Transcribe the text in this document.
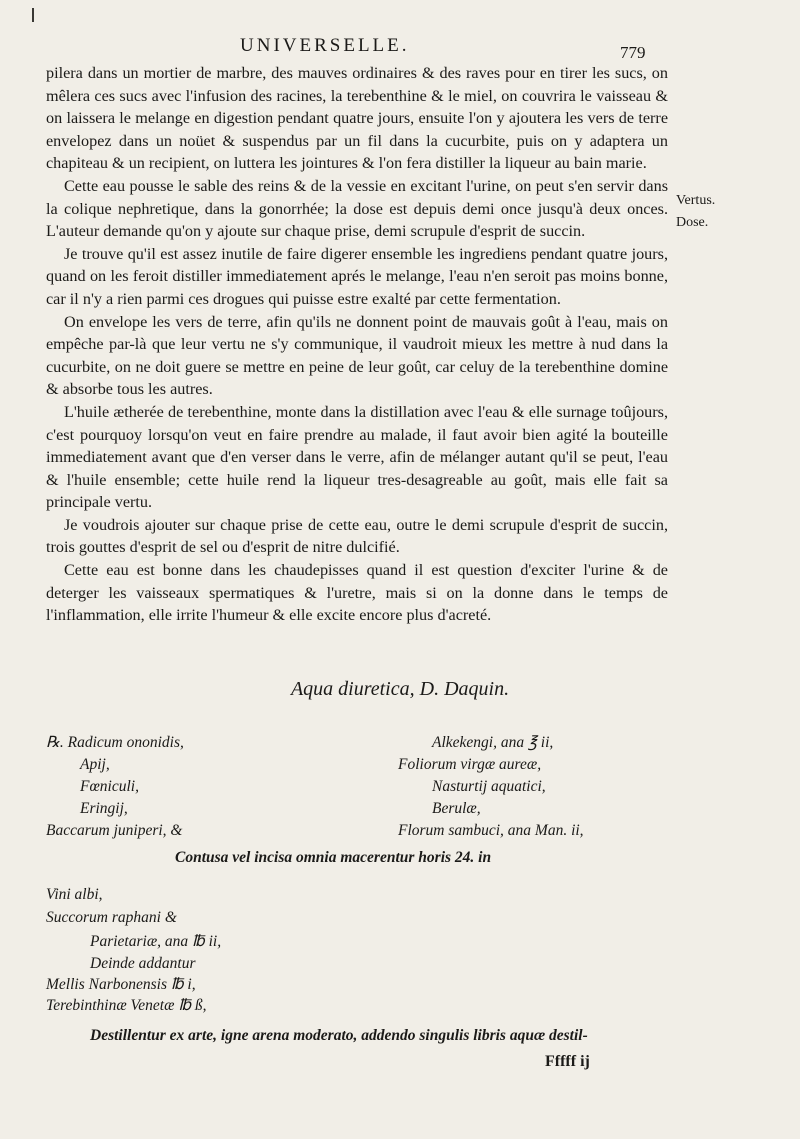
UNIVERSELLE.	779

pilera dans un mortier de marbre, des mauves ordinaires & des raves pour en tirer les sucs, on mêlera ces sucs avec l'infusion des racines, la terebenthine & le miel, on couvrira le vaisseau & on laissera le melange en digestion pendant quatre jours, ensuite l'on y ajoutera les vers de terre envelopez dans un noüet & suspendus par un fil dans la cucurbite, puis on y adaptera un chapiteau & un recipient, on luttera les jointures & l'on fera distiller la liqueur au bain marie.

Cette eau pousse le sable des reins & de la vessie en excitant l'urine, on peut s'en servir dans la colique nephretique, dans la gonorrhée; la dose est depuis demi once jusqu'à deux onces. L'auteur demande qu'on y ajoute sur chaque prise, demi scrupule d'esprit de succin.

Je trouve qu'il est assez inutile de faire digerer ensemble les ingrediens pendant quatre jours, quand on les feroit distiller immediatement aprés le melange, l'eau n'en seroit pas moins bonne, car il n'y a rien parmi ces drogues qui puisse estre exalté par cette fermentation.

On envelope les vers de terre, afin qu'ils ne donnent point de mauvais goût à l'eau, mais on empêche par-là que leur vertu ne s'y communique, il vaudroit mieux les mettre à nud dans la cucurbite, on ne doit guere se mettre en peine de leur goût, car celuy de la terebenthine domine & absorbe tous les autres.

L'huile ætherée de terebenthine, monte dans la distillation avec l'eau & elle surnage toûjours, c'est pourquoy lorsqu'on veut en faire prendre au malade, il faut avoir bien agité la bouteille immediatement avant que d'en verser dans le verre, afin de mélanger autant qu'il se peut, l'eau & l'huile ensemble; cette huile rend la liqueur tres-desagreable au goût, mais elle fait sa principale vertu.

Je voudrois ajouter sur chaque prise de cette eau, outre le demi scrupule d'esprit de succin, trois gouttes d'esprit de sel ou d'esprit de nitre dulcifié.

Cette eau est bonne dans les chaudepisses quand il est question d'exciter l'urine & de deterger les vaisseaux spermatiques & l'uretre, mais si on la donne dans le temps de l'inflammation, elle irrite l'humeur & elle excite encore plus d'acreté.

Vertus.
Dose.
Aqua diuretica, D. Daquin.
℞. Radicum ononidis,
Apij,
Fœniculi,
Eringij,
Baccarum juniperi, &
Alkekengi, ana ℥ ii,
Foliorum virgæ aureæ,
Nasturtij aquatici,
Berulæ,
Florum sambuci, ana Man. ii,
Contusa vel incisa omnia macerentur horis 24. in
Vini albi,
Succorum raphani &
Parietariæ, ana ℔ ii,
Deinde addantur
Mellis Narbonensis ℔ i,
Terebinthinæ Venetæ ℔ ß,
Destillentur ex arte, igne arena moderato, addendo singulis libris aquæ destil-
Fffff ij
